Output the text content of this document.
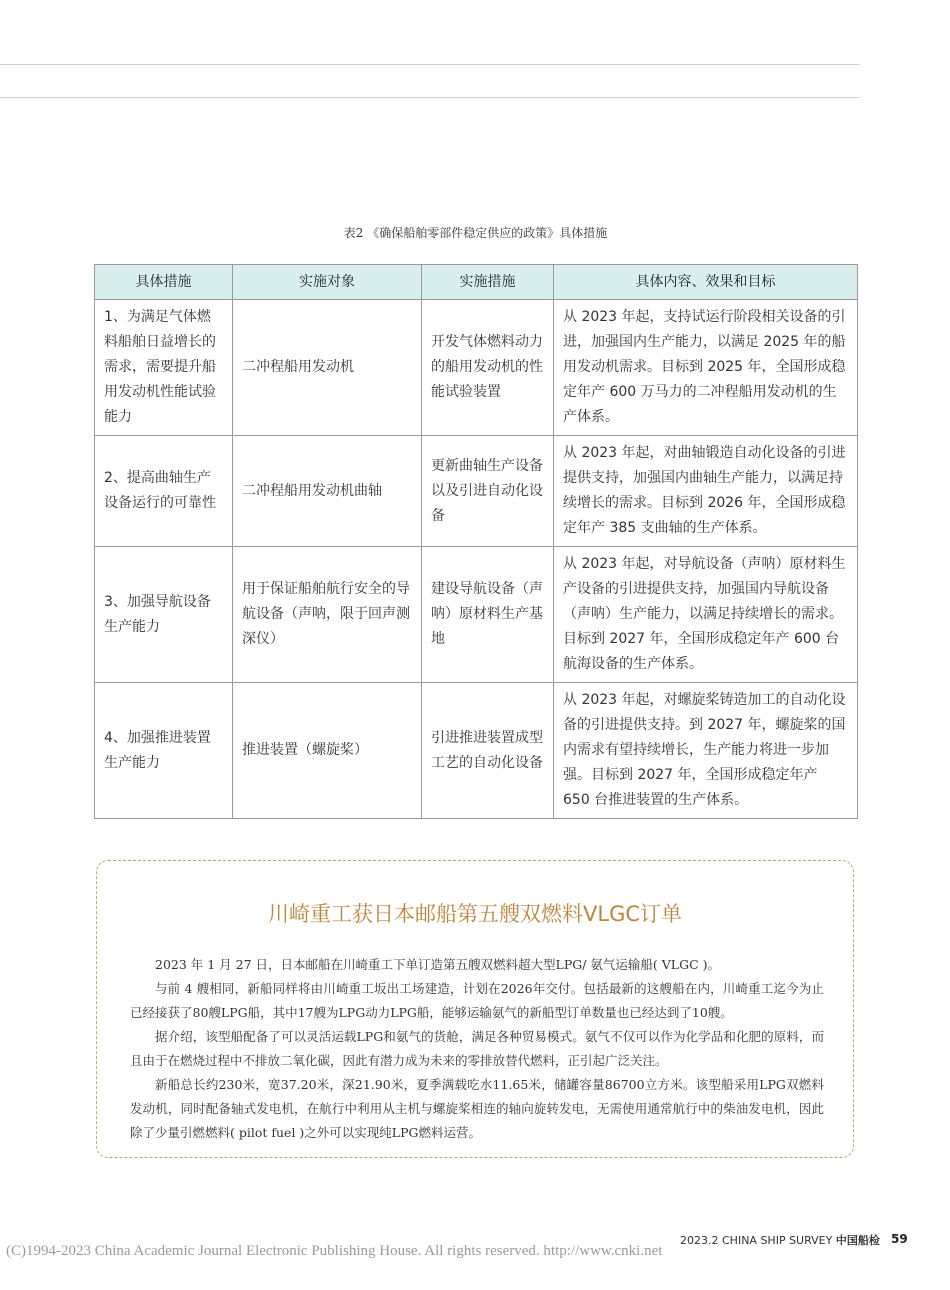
表2 《确保船舶零部件稳定供应的政策》具体措施
具体措施	实施对象	实施措施	具体内容、效果和目标
1、为满足气体燃料船舶日益增长的需求，需要提升船用发动机性能试验能力	二冲程船用发动机	开发气体燃料动力的船用发动机的性能试验装置	从 2023 年起，支持试运行阶段相关设备的引进，加强国内生产能力，以满足 2025 年的船用发动机需求。目标到 2025 年，全国形成稳定年产 600 万马力的二冲程船用发动机的生产体系。
2、提高曲轴生产设备运行的可靠性	二冲程船用发动机曲轴	更新曲轴生产设备以及引进自动化设备	从 2023 年起，对曲轴锻造自动化设备的引进提供支持，加强国内曲轴生产能力，以满足持续增长的需求。目标到 2026 年，全国形成稳定年产 385 支曲轴的生产体系。
3、加强导航设备生产能力	用于保证船舶航行安全的导航设备（声呐，限于回声测深仪）	建设导航设备（声呐）原材料生产基地	从 2023 年起，对导航设备（声呐）原材料生产设备的引进提供支持，加强国内导航设备（声呐）生产能力，以满足持续增长的需求。目标到 2027 年，全国形成稳定年产 600 台航海设备的生产体系。
4、加强推进装置生产能力	推进装置（螺旋桨）	引进推进装置成型工艺的自动化设备	从 2023 年起，对螺旋桨铸造加工的自动化设备的引进提供支持。到 2027 年，螺旋桨的国内需求有望持续增长，生产能力将进一步加强。目标到 2027 年，全国形成稳定年产 650 台推进装置的生产体系。
川崎重工获日本邮船第五艘双燃料VLGC订单

2023 年 1 月 27 日，日本邮船在川崎重工下单订造第五艘双燃料超大型LPG/ 氨气运输船( VLGC )。

与前 4 艘相同，新船同样将由川崎重工坂出工场建造，计划在2026年交付。包括最新的这艘船在内，川崎重工迄今为止已经接获了80艘LPG船，其中17艘为LPG动力LPG船，能够运输氨气的新船型订单数量也已经达到了10艘。

据介绍，该型船配备了可以灵活运载LPG和氨气的货舱，满足各种贸易模式。氨气不仅可以作为化学品和化肥的原料，而且由于在燃烧过程中不排放二氧化碳，因此有潜力成为未来的零排放替代燃料，正引起广泛关注。

新船总长约230米，宽37.20米，深21.90米，夏季满载吃水11.65米，储罐容量86700立方米。该型船采用LPG双燃料发动机，同时配备轴式发电机，在航行中利用从主机与螺旋桨相连的轴向旋转发电，无需使用通常航行中的柴油发电机，因此除了少量引燃燃料( pilot fuel )之外可以实现纯LPG燃料运营。

2023.2 CHINA SHIP SURVEY 中国船检 59
(C)1994-2023 China Academic Journal Electronic Publishing House. All rights reserved. http://www.cnki.net
